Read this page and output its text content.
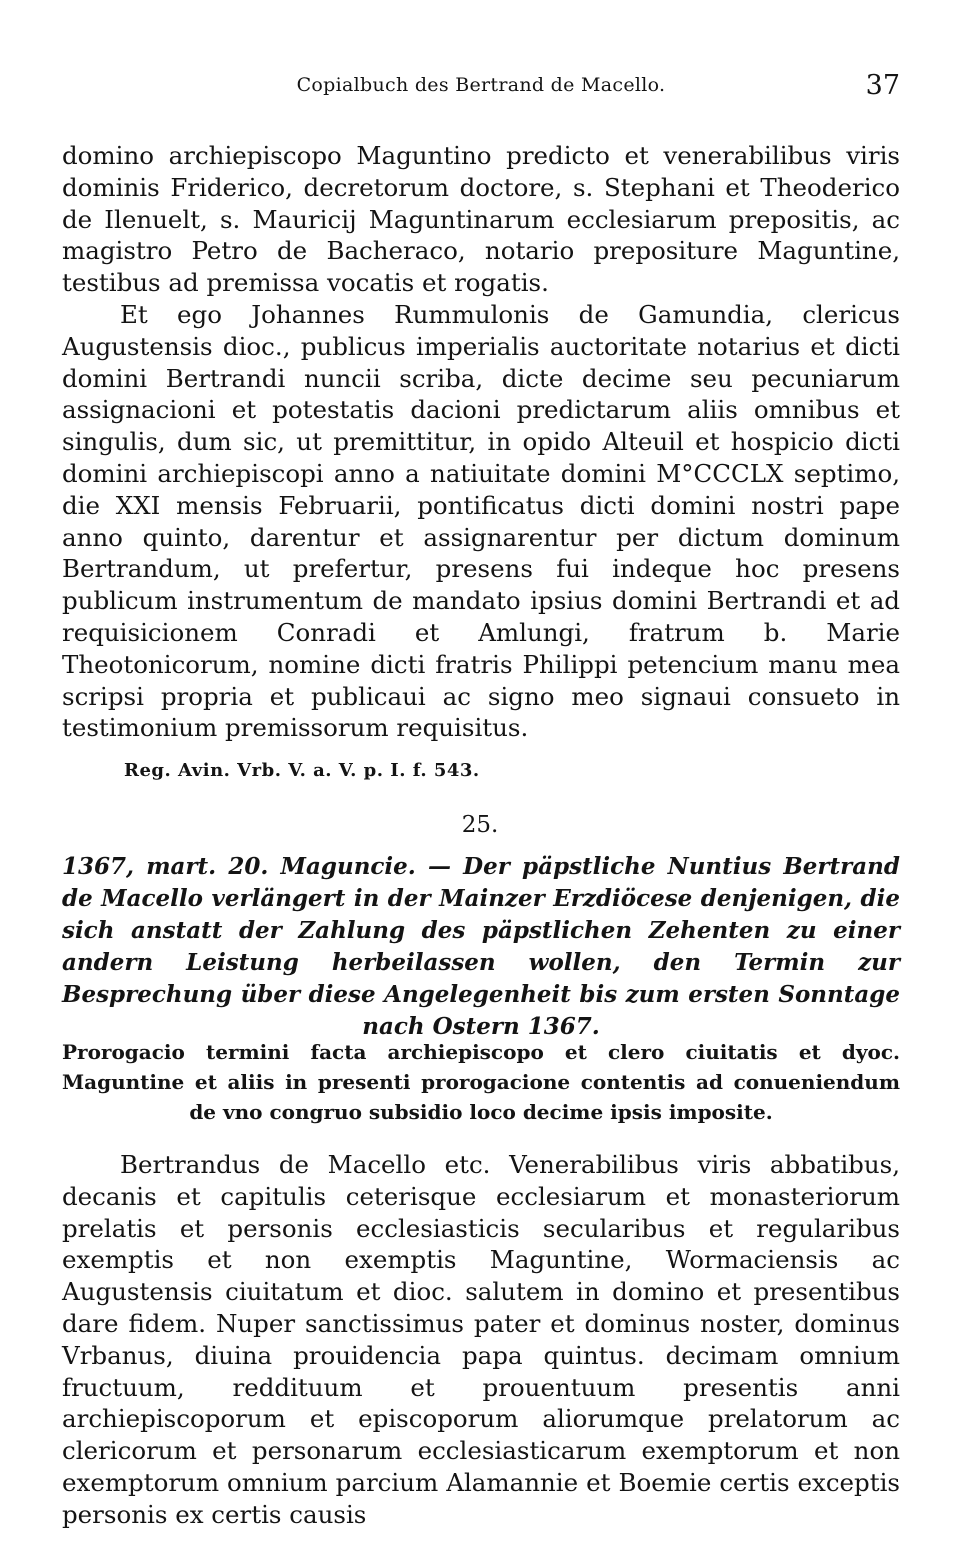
Copialbuch des Bertrand de Macello.	37

domino archiepiscopo Maguntino predicto et venerabilibus viris dominis Friderico, decretorum doctore, s. Stephani et Theoderico de Ilenuelt, s. Mauricij Maguntinarum ecclesiarum prepositis, ac magistro Petro de Bacheraco, notario prepositure Maguntine, testibus ad premissa vocatis et rogatis.

Et ego Johannes Rummulonis de Gamundia, clericus Augustensis dioc., publicus imperialis auctoritate notarius et dicti domini Bertrandi nuncii scriba, dicte decime seu pecuniarum assignacioni et potestatis dacioni predictarum aliis omnibus et singulis, dum sic, ut premittitur, in opido Alteuil et hospicio dicti domini archiepiscopi anno a natiuitate domini M°CCCLX septimo, die XXI mensis Februarii, pontificatus dicti domini nostri pape anno quinto, darentur et assignarentur per dictum dominum Bertrandum, ut prefertur, presens fui indeque hoc presens publicum instrumentum de mandato ipsius domini Bertrandi et ad requisicionem Conradi et Amlungi, fratrum b. Marie Theotonicorum, nomine dicti fratris Philippi petencium manu mea scripsi propria et publicaui ac signo meo signaui consueto in testimonium premissorum requisitus.

Reg. Avin. Vrb. V. a. V. p. I. f. 543.
25.

1367, mart. 20. Maguncie. — Der päpstliche Nuntius Bertrand de Macello verlängert in der Mainzer Erzdiöcese denjenigen, die sich anstatt der Zahlung des päpstlichen Zehenten zu einer andern Leistung herbeilassen wollen, den Termin zur Besprechung über diese Angelegenheit bis zum ersten Sonntage nach Ostern 1367.

Prorogacio termini facta archiepiscopo et clero ciuitatis et dyoc. Maguntine et aliis in presenti prorogacione contentis ad conueniendum de vno congruo subsidio loco decime ipsis imposite.

Bertrandus de Macello etc. Venerabilibus viris abbatibus, decanis et capitulis ceterisque ecclesiarum et monasteriorum prelatis et personis ecclesiasticis secularibus et regularibus exemptis et non exemptis Maguntine, Wormaciensis ac Augustensis ciuitatum et dioc. salutem in domino et presentibus dare fidem. Nuper sanctissimus pater et dominus noster, dominus Vrbanus, diuina prouidencia papa quintus. decimam omnium fructuum, reddituum et prouentuum presentis anni archiepiscoporum et episcoporum aliorumque prelatorum ac clericorum et personarum ecclesiasticarum exemptorum et non exemptorum omnium parcium Alamannie et Boemie certis exceptis personis ex certis causis
